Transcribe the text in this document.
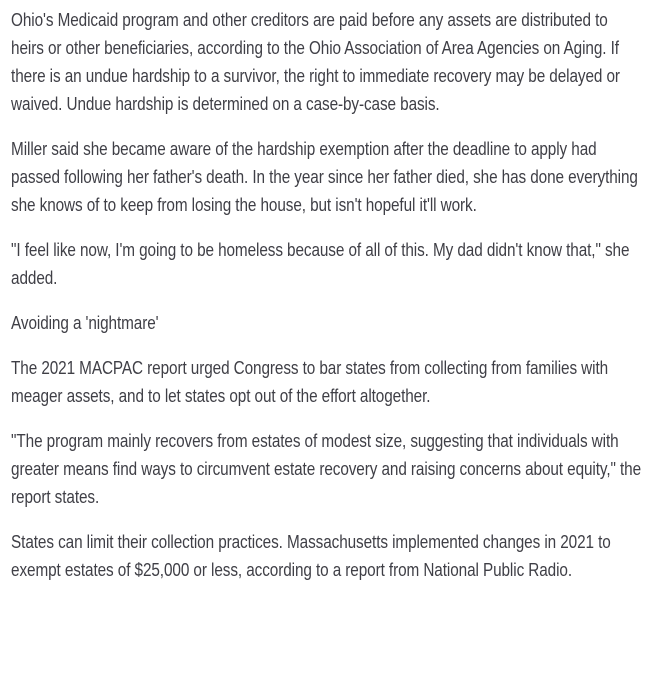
Ohio's Medicaid program and other creditors are paid before any assets are distributed to heirs or other beneficiaries, according to the Ohio Association of Area Agencies on Aging. If there is an undue hardship to a survivor, the right to immediate recovery may be delayed or waived. Undue hardship is determined on a case-by-case basis.

Miller said she became aware of the hardship exemption after the deadline to apply had passed following her father's death. In the year since her father died, she has done everything she knows of to keep from losing the house, but isn't hopeful it'll work.

"I feel like now, I'm going to be homeless because of all of this. My dad didn't know that," she added.

Avoiding a 'nightmare'

The 2021 MACPAC report urged Congress to bar states from collecting from families with meager assets, and to let states opt out of the effort altogether.

"The program mainly recovers from estates of modest size, suggesting that individuals with greater means find ways to circumvent estate recovery and raising concerns about equity," the report states.

States can limit their collection practices. Massachusetts implemented changes in 2021 to exempt estates of $25,000 or less, according to a report from National Public Radio.
